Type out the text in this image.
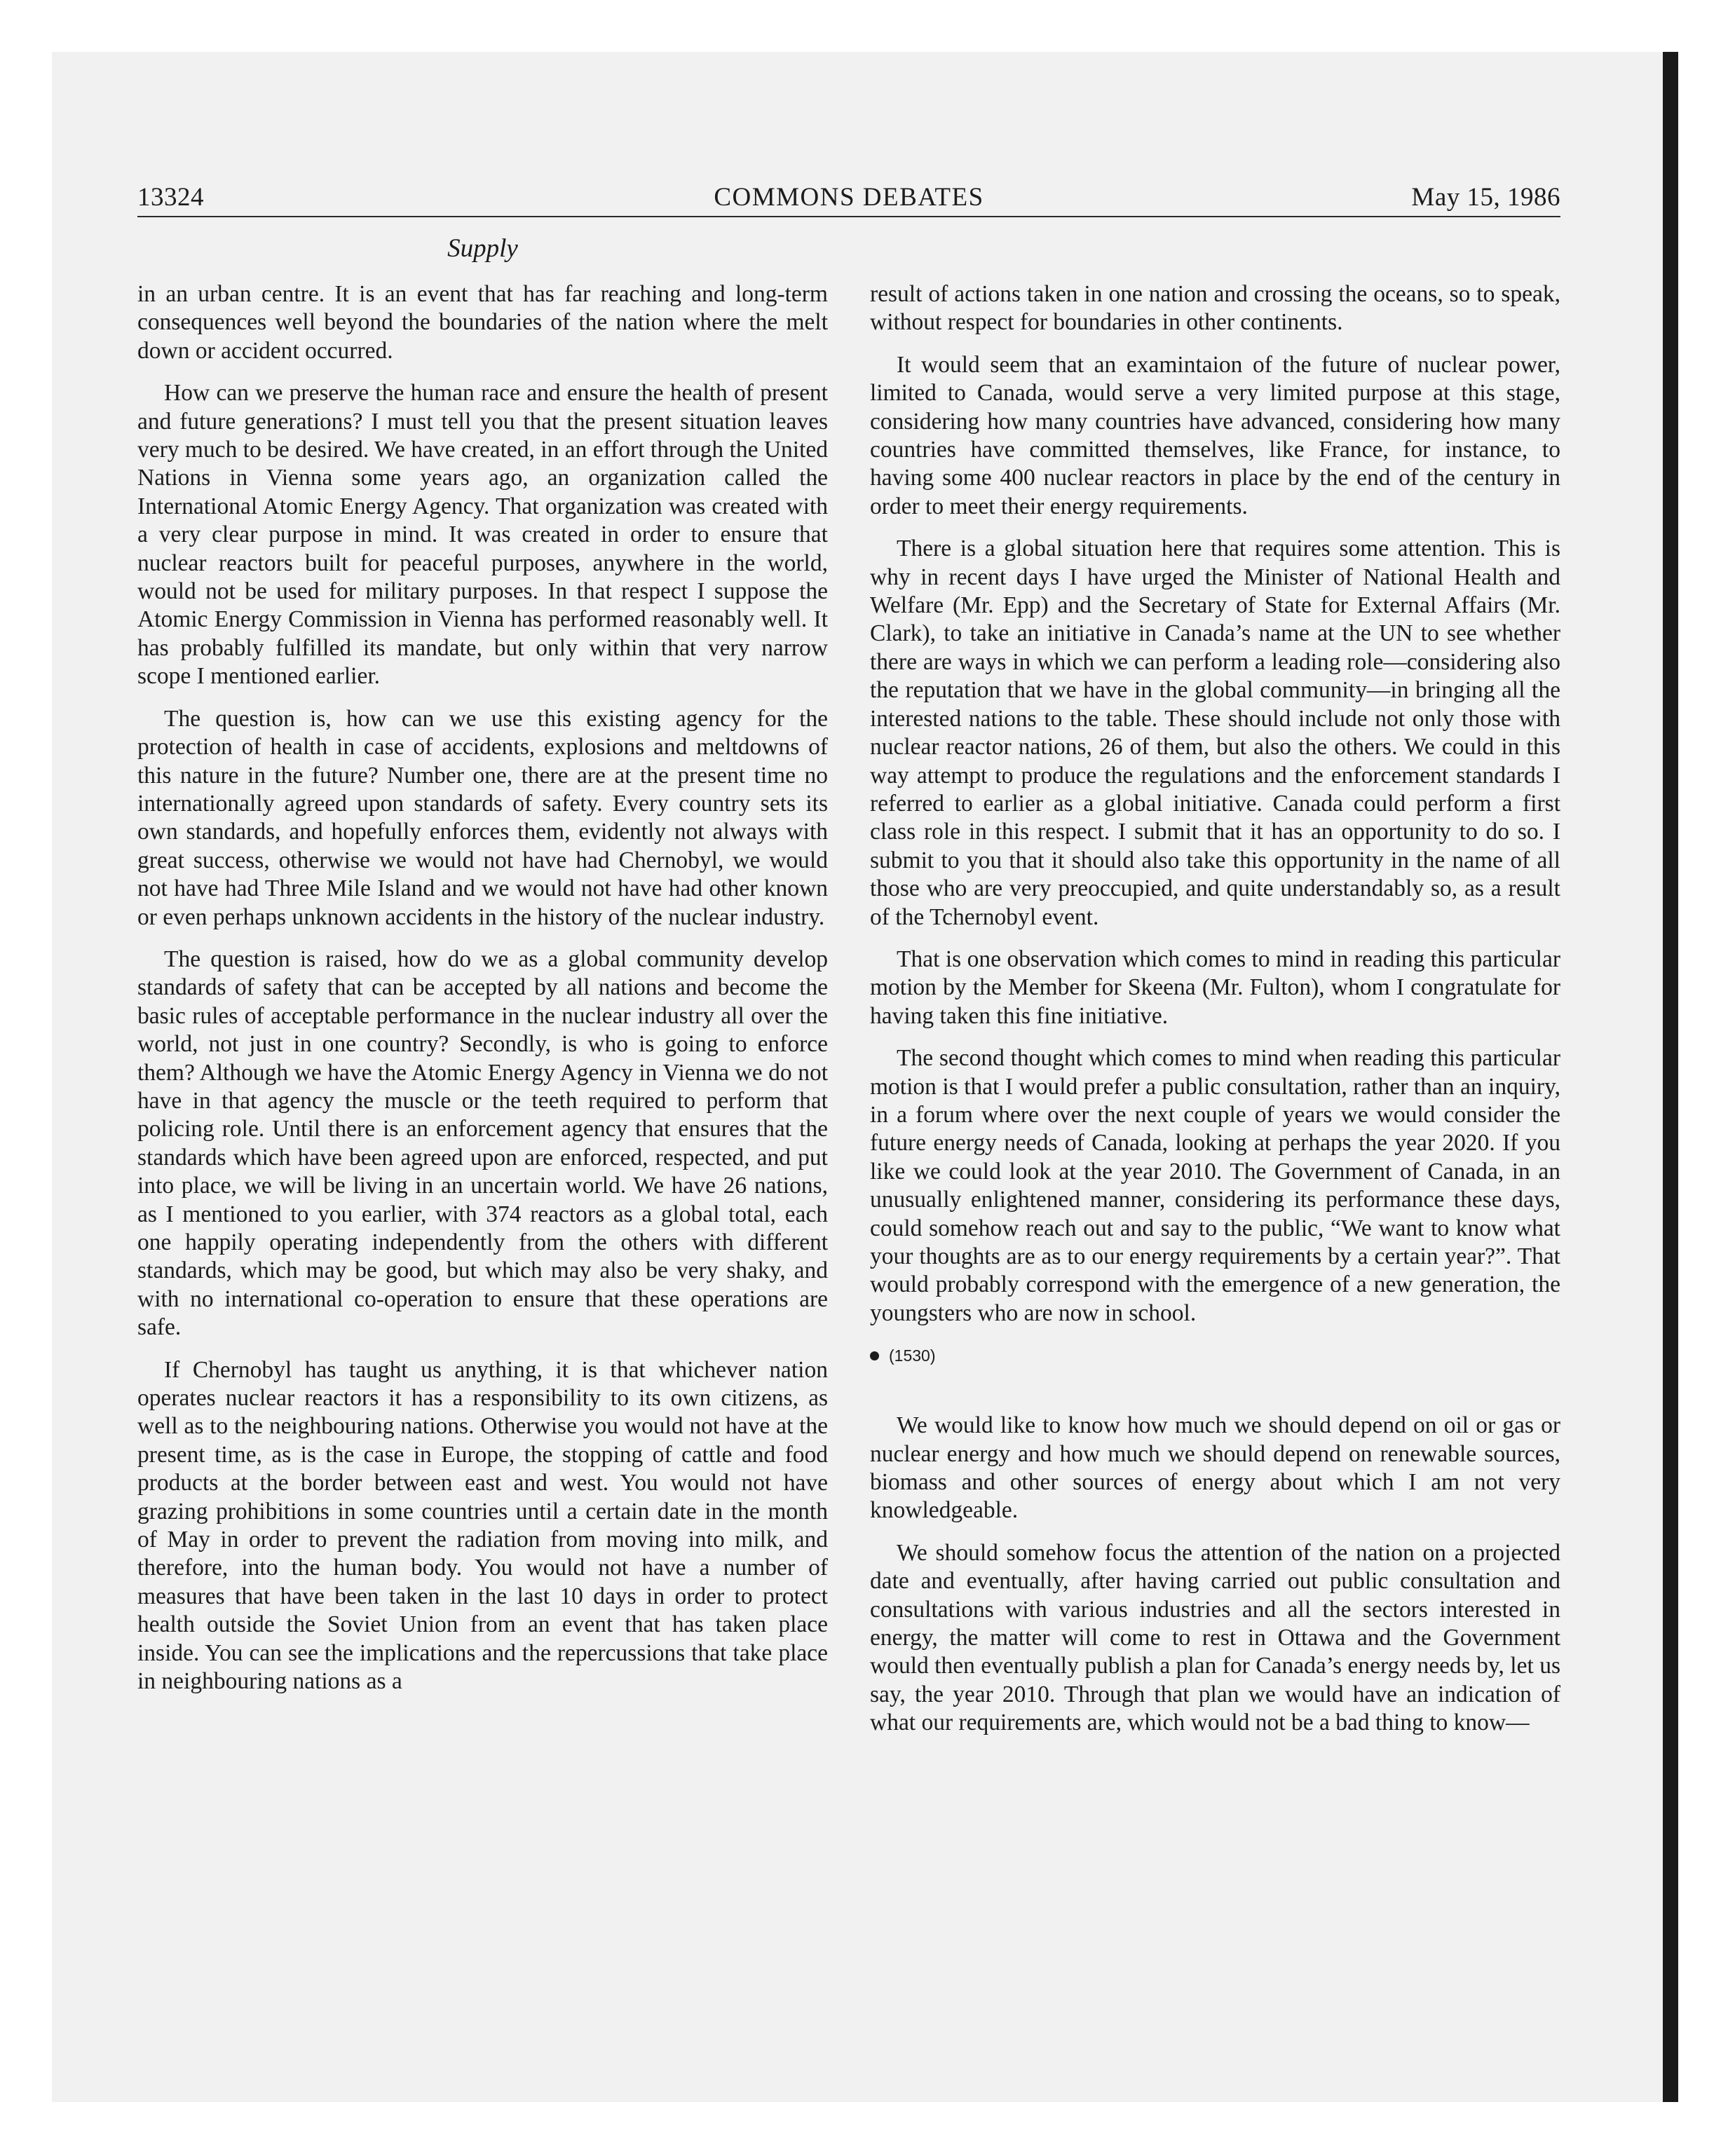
COMMONS DEBATES
13324	May 15, 1986
Supply

in an urban centre. It is an event that has far reaching and long-term consequences well beyond the boundaries of the nation where the melt down or accident occurred.

How can we preserve the human race and ensure the health of present and future generations? I must tell you that the present situation leaves very much to be desired. We have created, in an effort through the United Nations in Vienna some years ago, an organization called the International Atomic Energy Agency. That organization was created with a very clear purpose in mind. It was created in order to ensure that nuclear reactors built for peaceful purposes, anywhere in the world, would not be used for military purposes. In that respect I suppose the Atomic Energy Commission in Vienna has performed reasonably well. It has probably fulfilled its mandate, but only within that very narrow scope I mentioned earlier.

The question is, how can we use this existing agency for the protection of health in case of accidents, explosions and meltdowns of this nature in the future? Number one, there are at the present time no internationally agreed upon standards of safety. Every country sets its own standards, and hopefully enforces them, evidently not always with great success, otherwise we would not have had Chernobyl, we would not have had Three Mile Island and we would not have had other known or even perhaps unknown accidents in the history of the nuclear industry.

The question is raised, how do we as a global community develop standards of safety that can be accepted by all nations and become the basic rules of acceptable performance in the nuclear industry all over the world, not just in one country? Secondly, is who is going to enforce them? Although we have the Atomic Energy Agency in Vienna we do not have in that agency the muscle or the teeth required to perform that policing role. Until there is an enforcement agency that ensures that the standards which have been agreed upon are enforced, respected, and put into place, we will be living in an uncertain world. We have 26 nations, as I mentioned to you earlier, with 374 reactors as a global total, each one happily operating independently from the others with different standards, which may be good, but which may also be very shaky, and with no international co-operation to ensure that these operations are safe.

If Chernobyl has taught us anything, it is that whichever nation operates nuclear reactors it has a responsibility to its own citizens, as well as to the neighbouring nations. Otherwise you would not have at the present time, as is the case in Europe, the stopping of cattle and food products at the border between east and west. You would not have grazing prohibitions in some countries until a certain date in the month of May in order to prevent the radiation from moving into milk, and therefore, into the human body. You would not have a number of measures that have been taken in the last 10 days in order to protect health outside the Soviet Union from an event that has taken place inside. You can see the implications and the repercussions that take place in neighbouring nations as a

result of actions taken in one nation and crossing the oceans, so to speak, without respect for boundaries in other continents.

It would seem that an examintaion of the future of nuclear power, limited to Canada, would serve a very limited purpose at this stage, considering how many countries have advanced, considering how many countries have committed themselves, like France, for instance, to having some 400 nuclear reactors in place by the end of the century in order to meet their energy requirements.

There is a global situation here that requires some attention. This is why in recent days I have urged the Minister of National Health and Welfare (Mr. Epp) and the Secretary of State for External Affairs (Mr. Clark), to take an initiative in Canada’s name at the UN to see whether there are ways in which we can perform a leading role—considering also the reputation that we have in the global community—in bringing all the interested nations to the table. These should include not only those with nuclear reactor nations, 26 of them, but also the others. We could in this way attempt to produce the regulations and the enforcement standards I referred to earlier as a global initiative. Canada could perform a first class role in this respect. I submit that it has an opportunity to do so. I submit to you that it should also take this opportunity in the name of all those who are very preoccupied, and quite understandably so, as a result of the Tchernobyl event.

That is one observation which comes to mind in reading this particular motion by the Member for Skeena (Mr. Fulton), whom I congratulate for having taken this fine initiative.

The second thought which comes to mind when reading this particular motion is that I would prefer a public consultation, rather than an inquiry, in a forum where over the next couple of years we would consider the future energy needs of Canada, looking at perhaps the year 2020. If you like we could look at the year 2010. The Government of Canada, in an unusually enlightened manner, considering its performance these days, could somehow reach out and say to the public, “We want to know what your thoughts are as to our energy requirements by a certain year?”. That would probably correspond with the emergence of a new generation, the youngsters who are now in school.

(1530)

We would like to know how much we should depend on oil or gas or nuclear energy and how much we should depend on renewable sources, biomass and other sources of energy about which I am not very knowledgeable.

We should somehow focus the attention of the nation on a projected date and eventually, after having carried out public consultation and consultations with various industries and all the sectors interested in energy, the matter will come to rest in Ottawa and the Government would then eventually publish a plan for Canada’s energy needs by, let us say, the year 2010. Through that plan we would have an indication of what our requirements are, which would not be a bad thing to know—
